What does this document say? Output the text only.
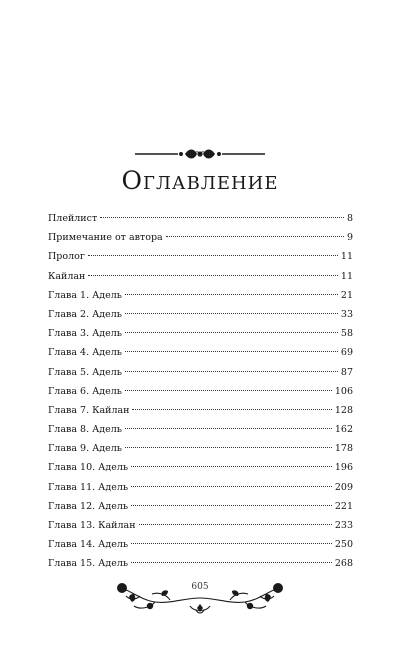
Оглавление
Плейлист	8
Примечание от автора	9
Пролог	11
Кайлан	11
Глава 1. Адель	21
Глава 2. Адель	33
Глава 3. Адель	58
Глава 4. Адель	69
Глава 5. Адель	87
Глава 6. Адель	106
Глава 7. Кайлан	128
Глава 8. Адель	162
Глава 9. Адель	178
Глава 10. Адель	196
Глава 11. Адель	209
Глава 12. Адель	221
Глава 13. Кайлан	233
Глава 14. Адель	250
Глава 15. Адель	268
605
